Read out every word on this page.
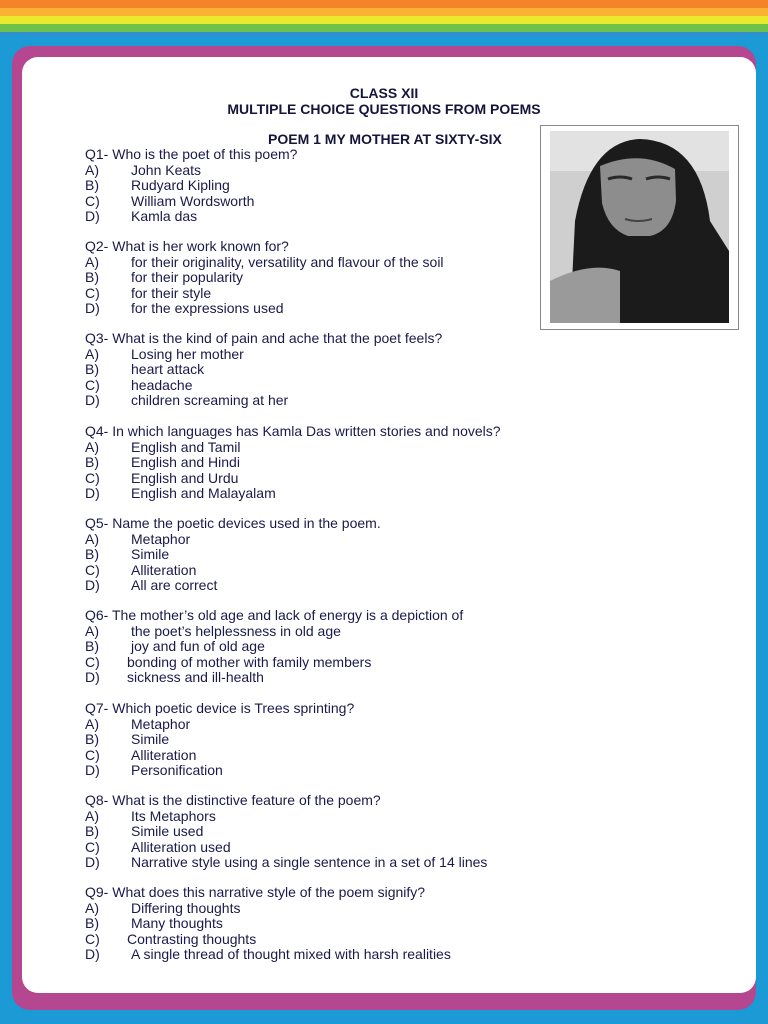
CLASS XII
MULTIPLE CHOICE QUESTIONS FROM POEMS
POEM 1 MY MOTHER AT SIXTY-SIX
Q1- Who is the poet of this poem?
A)	John Keats
B)	Rudyard Kipling
C)	William Wordsworth
D)	Kamla das
Q2- What is her work known for?
A)	for their originality, versatility and flavour of the soil
B)	for their popularity
C)	for their style
D)	for the expressions used
Q3- What is the kind of pain and ache that the poet feels?
A)	Losing her mother
B)	heart attack
C)	headache
D)	children screaming at her
Q4- In which languages has Kamla Das written stories and novels?
A)	English and Tamil
B)	English and Hindi
C)	English and Urdu
D)	English and Malayalam
Q5- Name the poetic devices used in the poem.
A)	Metaphor
B)	Simile
C)	Alliteration
D)	All are correct
Q6- The mother’s old age and lack of energy is a depiction of
A)	the poet’s helplessness in old age
B)	joy and fun of old age
C)	bonding of mother with family members
D)	sickness and ill-health
Q7- Which poetic device is Trees sprinting?
A)	Metaphor
B)	Simile
C)	Alliteration
D)	Personification
Q8- What is the distinctive feature of the poem?
A)	Its Metaphors
B)	Simile used
C)	Alliteration used
D)	Narrative style using a single sentence in a set of 14 lines
Q9- What does this narrative style of the poem signify?
A)	Differing thoughts
B)	Many thoughts
C)	Contrasting thoughts
D)	A single thread of thought mixed with harsh realities
